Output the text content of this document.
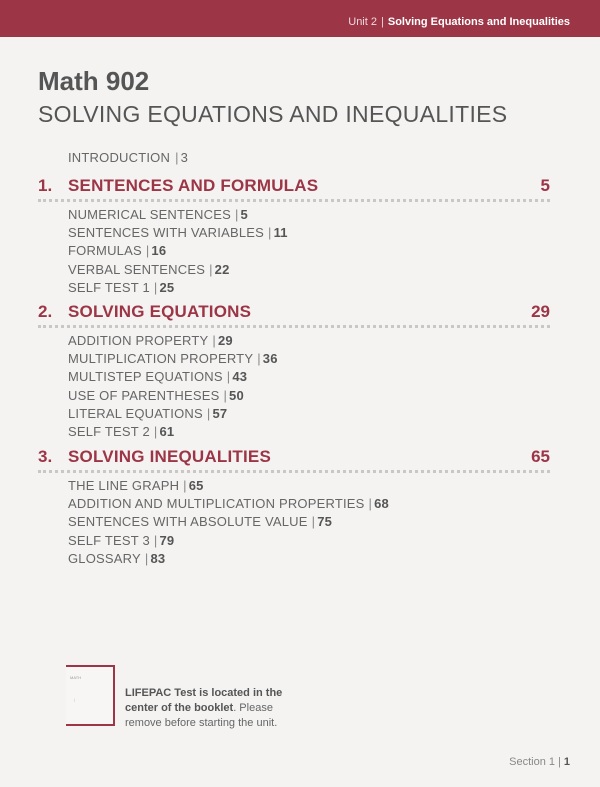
Unit 2 | Solving Equations and Inequalities
Math 902
SOLVING EQUATIONS AND INEQUALITIES
INTRODUCTION | 3
1. SENTENCES AND FORMULAS	5
NUMERICAL SENTENCES | 5
SENTENCES WITH VARIABLES | 11
FORMULAS | 16
VERBAL SENTENCES | 22
SELF TEST 1 | 25
2. SOLVING EQUATIONS	29
ADDITION PROPERTY | 29
MULTIPLICATION PROPERTY | 36
MULTISTEP EQUATIONS | 43
USE OF PARENTHESES | 50
LITERAL EQUATIONS | 57
SELF TEST 2 | 61
3. SOLVING INEQUALITIES	65
THE LINE GRAPH | 65
ADDITION AND MULTIPLICATION PROPERTIES | 68
SENTENCES WITH ABSOLUTE VALUE | 75
SELF TEST 3 | 79
GLOSSARY | 83
MATH
|
LIFEPAC Test is located in the center of the booklet. Please remove before starting the unit.
Section 1 | 1
